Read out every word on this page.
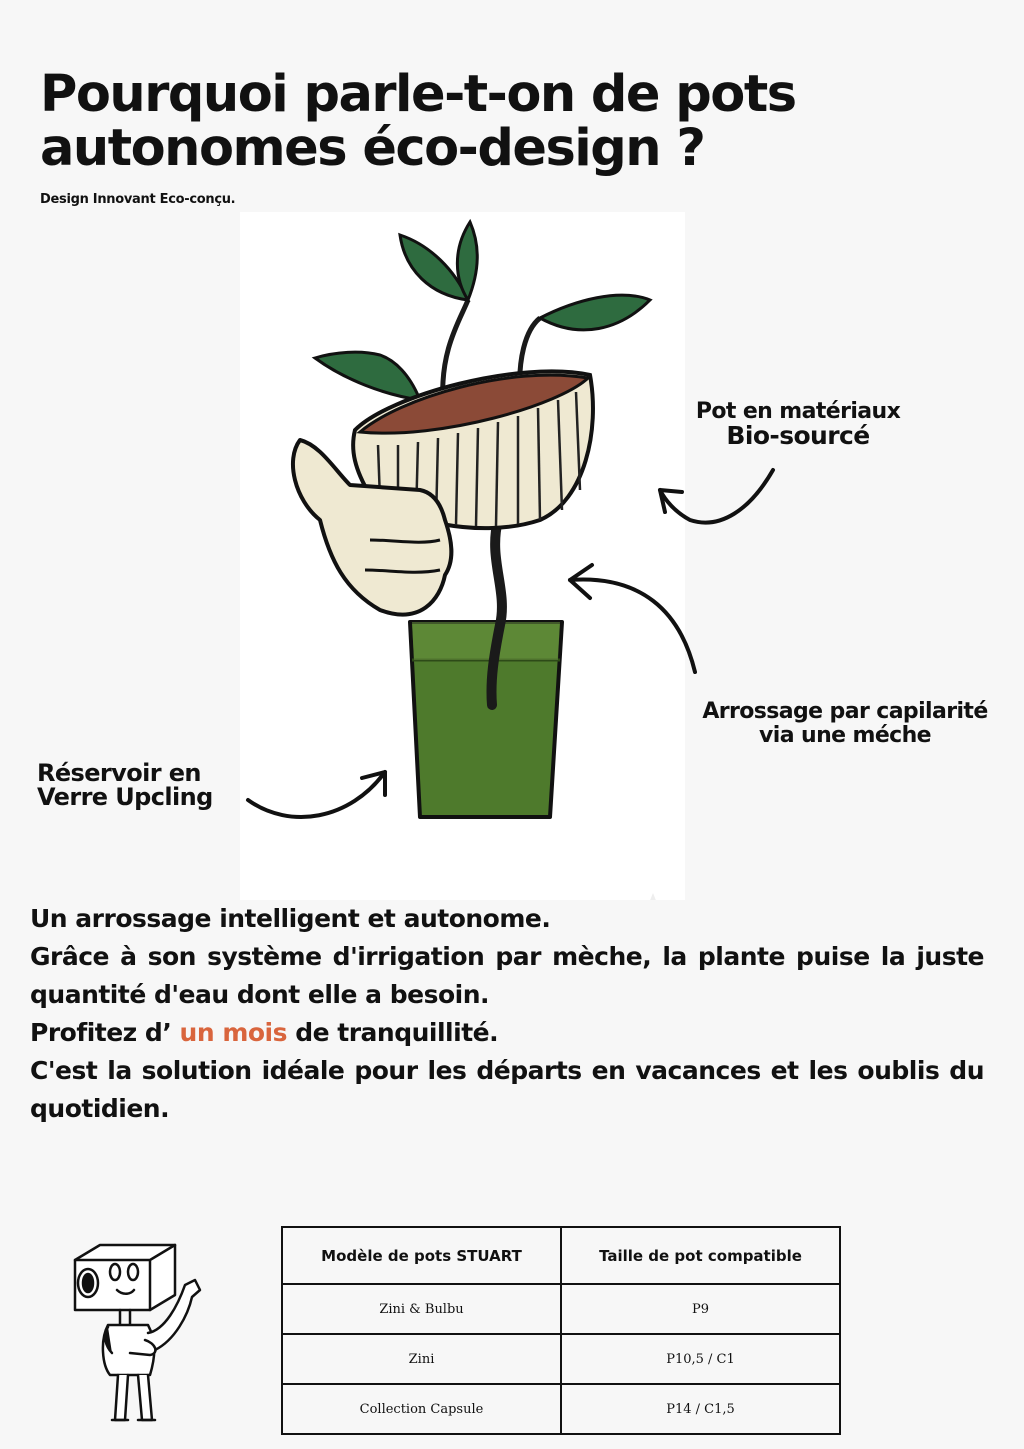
Pourquoi parle-t-on de pots
autonomes éco-design ?

Design Innovant Eco-conçu.

Pot en matériaux

Bio-sourcé
Arrossage par capilarité
via une méche
Réservoir en
Verre Upcling

Un arrossage intelligent et autonome.

Grâce à son système d'irrigation par mèche, la plante puise la juste quantité d'eau dont elle a besoin.

Profitez d’ un mois de tranquillité.

C'est la solution idéale pour les départs en vacances et les oublis du quotidien.

Modèle de pots STUART	Taille de pot compatible
Zini & Bulbu	P9
Zini	P10,5 / C1
Collection Capsule	P14 / C1,5
